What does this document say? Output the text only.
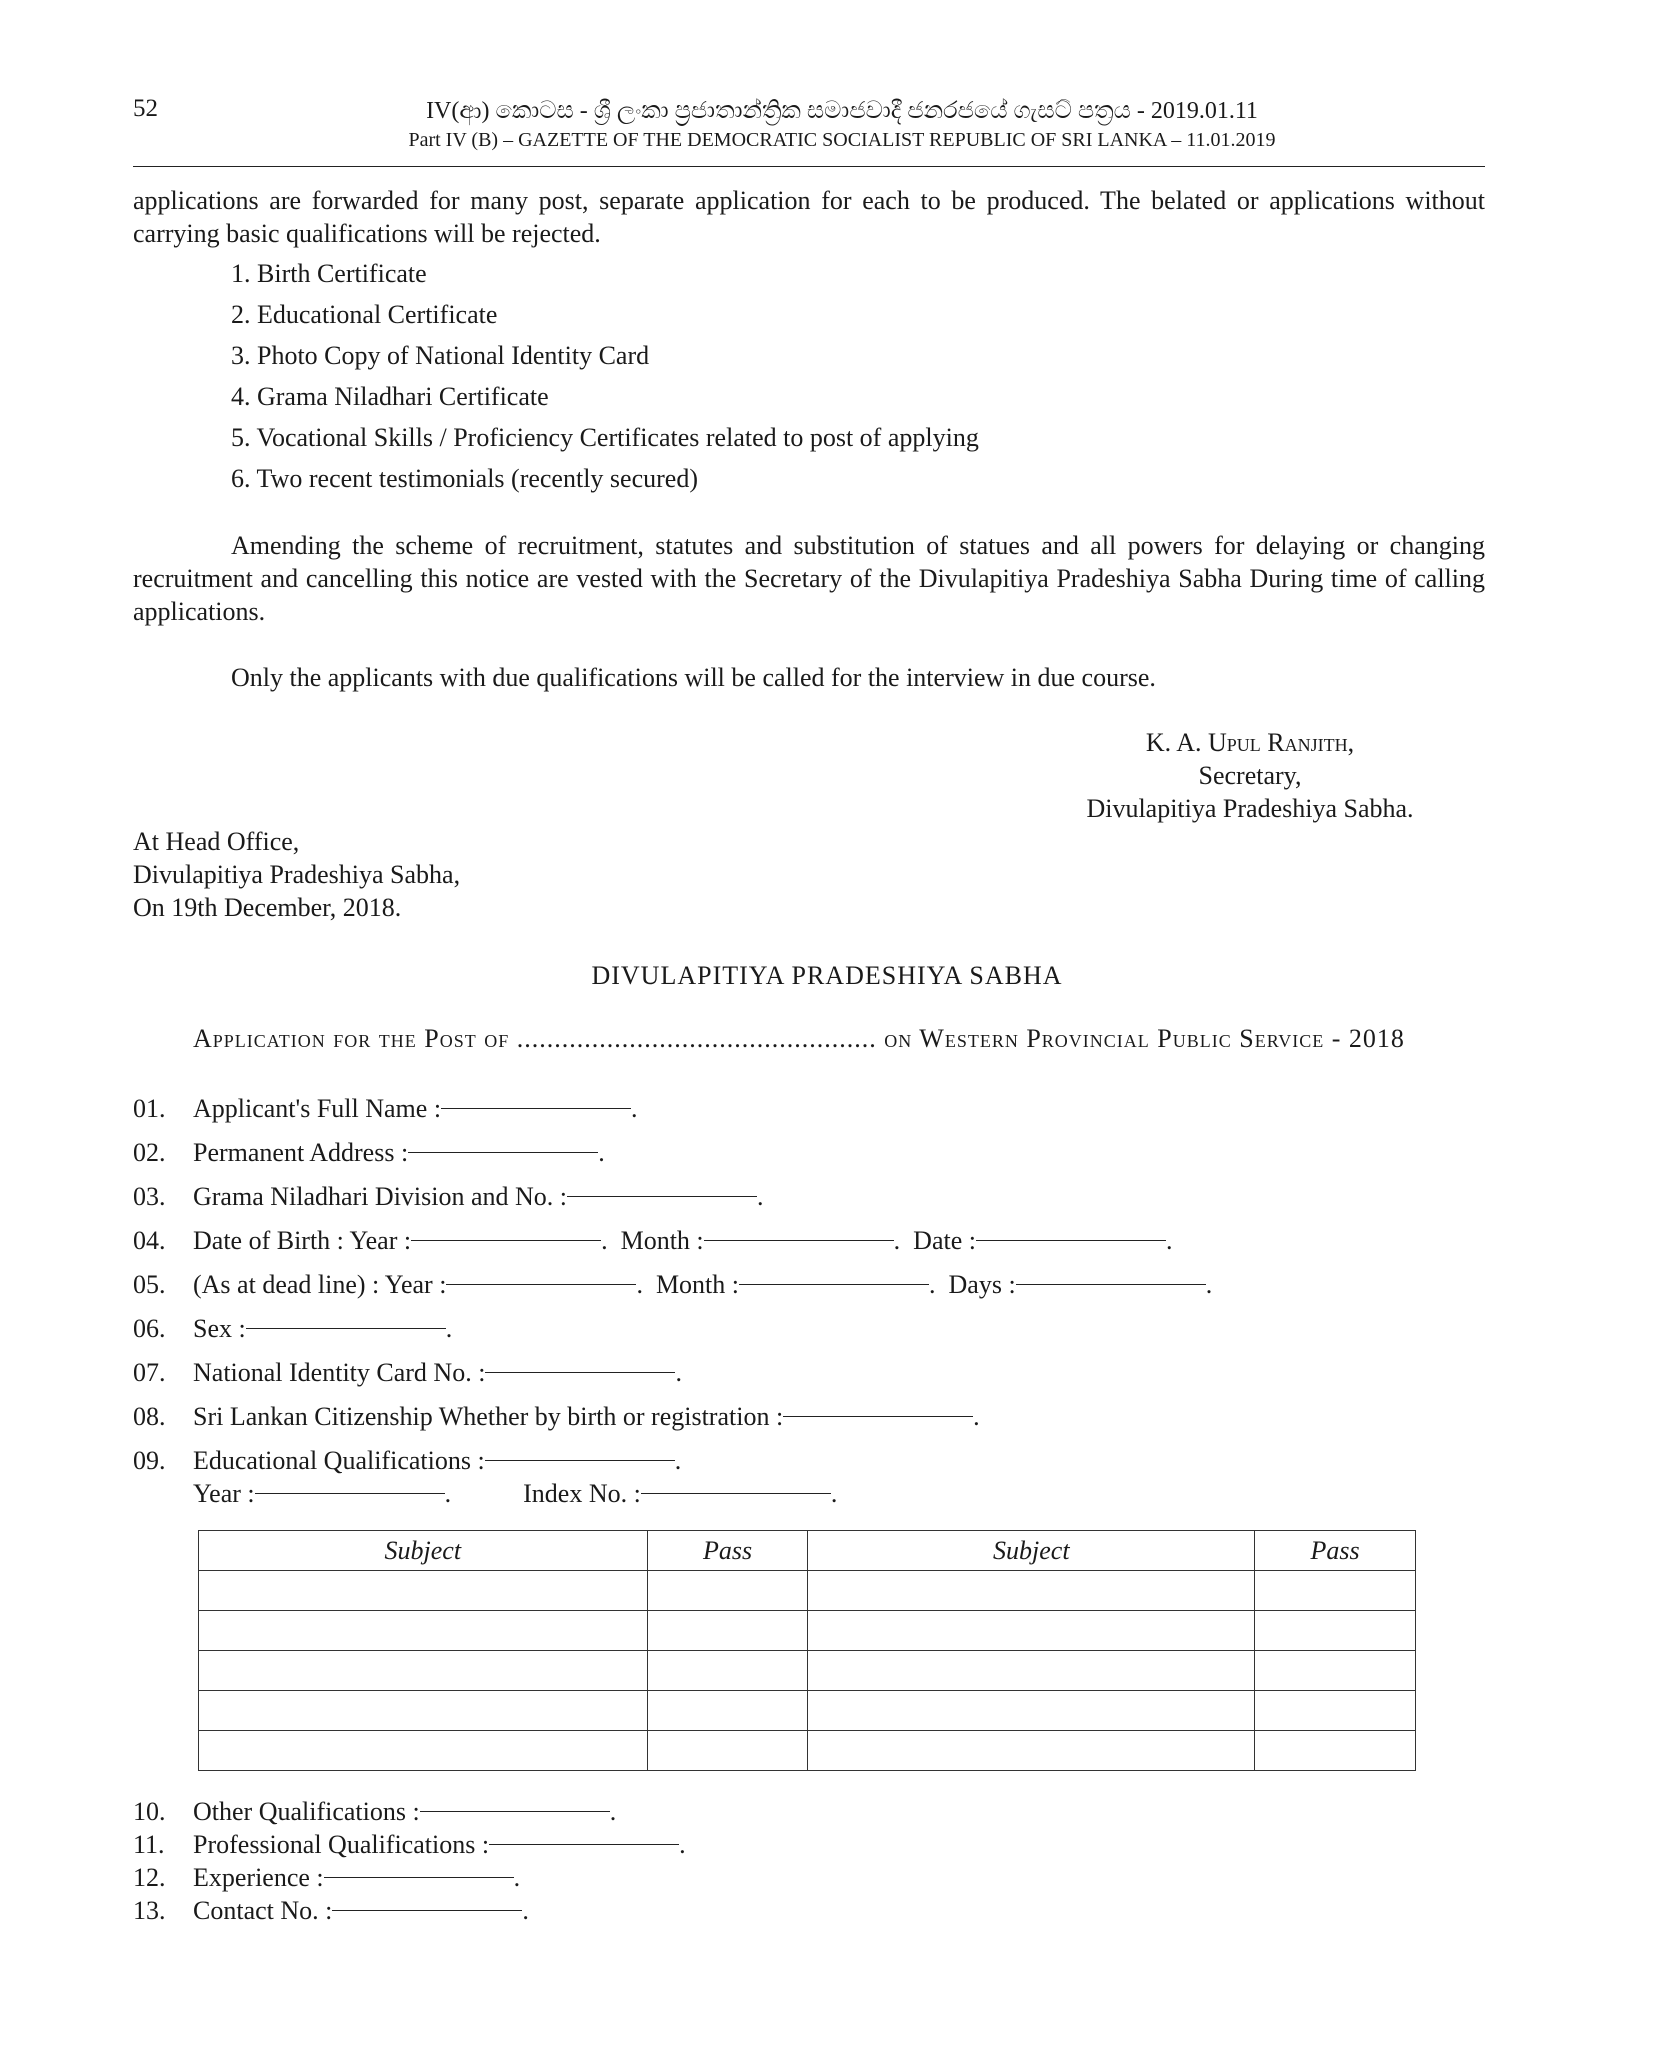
52	IV(ආ) කොටස - ශ්‍රී ලංකා ප්‍රජාතාන්ත්‍රික සමාජවාදී ජනරජයේ ගැසට් පත්‍රය - 2019.01.11
Part IV (B) – GAZETTE OF THE DEMOCRATIC SOCIALIST REPUBLIC OF SRI LANKA – 11.01.2019
applications are forwarded for many post, separate application for each to be produced. The belated or applications without carrying basic qualifications will be rejected.
1. Birth Certificate
2. Educational Certificate
3. Photo Copy of National Identity Card
4. Grama Niladhari Certificate
5. Vocational Skills / Proficiency Certificates related to post of applying
6. Two recent testimonials (recently secured)
Amending the scheme of recruitment, statutes and substitution of statues and all powers for delaying or changing recruitment and cancelling this notice are vested with the Secretary of the Divulapitiya Pradeshiya Sabha During time of calling applications.
Only the applicants with due qualifications will be called for the interview in due course.
K. A. Upul Ranjith,
Secretary,
Divulapitiya Pradeshiya Sabha.
At Head Office,
Divulapitiya Pradeshiya Sabha,
On 19th December, 2018.
DIVULAPITIYA PRADESHIYA SABHA
Application for the Post of ................................................ on Western Provincial Public Service - 2018
01. Applicant's Full Name :	.
02. Permanent Address :	.
03. Grama Niladhari Division and No. :	.
04. Date of Birth : Year :	. Month :	. Date :	.
05. (As at dead line) : Year :	. Month :	. Days :	.
06. Sex :	.
07. National Identity Card No. :	.
08. Sri Lankan Citizenship Whether by birth or registration :	.
09. Educational Qualifications :	.
Year :	.	Index No. :	.
Subject	Pass	Subject	Pass

10. Other Qualifications :	.
11. Professional Qualifications :	.
12. Experience :	.
13. Contact No. :	.
